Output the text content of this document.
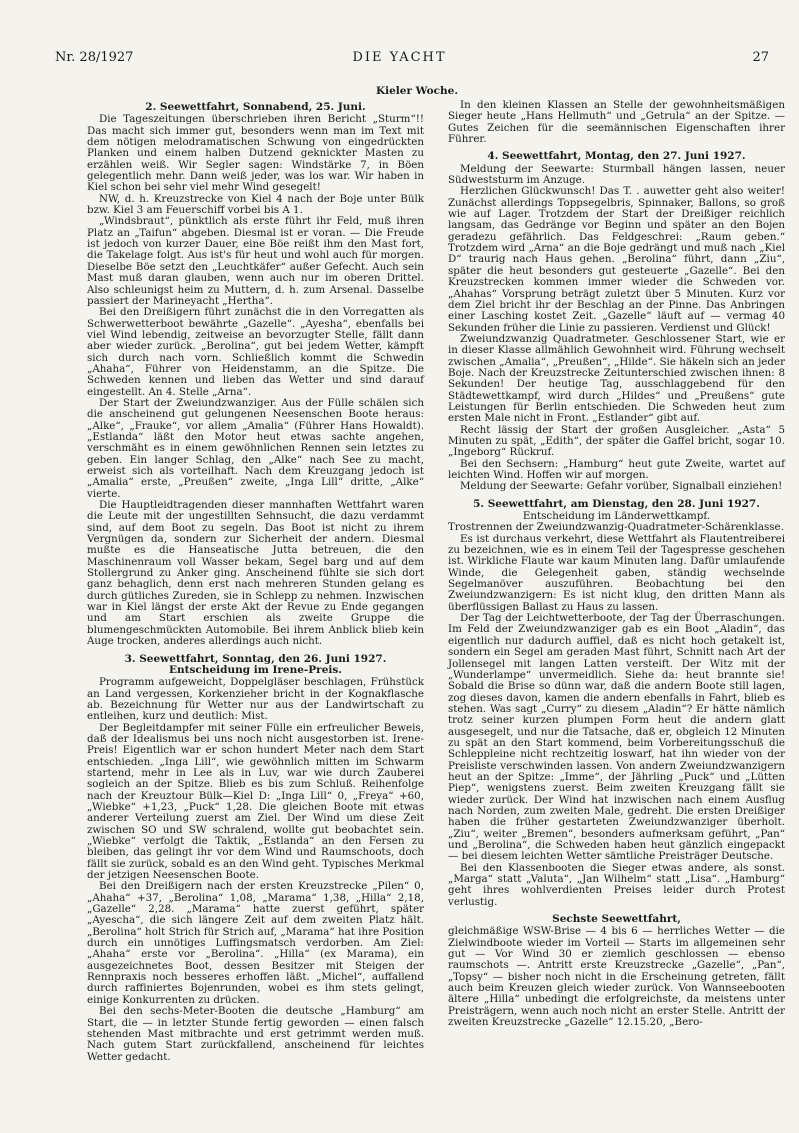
Nr. 28/1927	DIE YACHT	27
Kieler Woche.
2. Seewettfahrt, Sonnabend, 25. Juni.

Die Tageszeitungen überschrieben ihren Bericht „Sturm“!! Das macht sich immer gut, besonders wenn man im Text mit dem nötigen melodramatischen Schwung von eingedrückten Planken und einem halben Dutzend geknickter Masten zu erzählen weiß. Wir Segler sagen: Windstärke 7, in Böen gelegentlich mehr. Dann weiß jeder, was los war. Wir haben in Kiel schon bei sehr viel mehr Wind gesegelt!

NW, d. h. Kreuzstrecke von Kiel 4 nach der Boje unter Bülk bzw. Kiel 3 am Feuerschiff vorbei bis A 1.

„Windsbraut“, pünktlich als erste führt ihr Feld, muß ihren Platz an „Taifun“ abgeben. Diesmal ist er voran. — Die Freude ist jedoch von kurzer Dauer, eine Böe reißt ihm den Mast fort, die Takelage folgt. Aus ist's für heut und wohl auch für morgen. Dieselbe Böe setzt den „Leuchtkäfer“ außer Gefecht. Auch sein Mast muß daran glauben, wenn auch nur im oberen Drittel. Also schleunigst heim zu Muttern, d. h. zum Arsenal. Dasselbe passiert der Marineyacht „Hertha“.

Bei den Dreißigern führt zunächst die in den Vorregatten als Schwerwetterboot bewährte „Gazelle“. „Ayesha“, ebenfalls bei viel Wind lebendig, zeitweise an bevorzugter Stelle, fällt dann aber wieder zurück. „Berolina“, gut bei jedem Wetter, kämpft sich durch nach vorn. Schließlich kommt die Schwedin „Ahaha“, Führer von Heidenstamm, an die Spitze. Die Schweden kennen und lieben das Wetter und sind darauf eingestellt. An 4. Stelle „Arna“.

Der Start der Zweiundzwanziger. Aus der Fülle schälen sich die anscheinend gut gelungenen Neesenschen Boote heraus: „Alke“, „Frauke“, vor allem „Amalia“ (Führer Hans Howaldt). „Estlanda“ läßt den Motor heut etwas sachte angehen, verschmäht es in einem gewöhnlichen Rennen sein letztes zu geben. Ein langer Schlag, den „Alke“ nach See zu macht, erweist sich als vorteilhaft. Nach dem Kreuzgang jedoch ist „Amalia“ erste, „Preußen“ zweite, „Inga Lill“ dritte, „Alke“ vierte.

Die Hauptleidtragenden dieser mannhaften Wettfahrt waren die Leute mit der ungestillten Sehnsucht, die dazu verdammt sind, auf dem Boot zu segeln. Das Boot ist nicht zu ihrem Vergnügen da, sondern zur Sicherheit der andern. Diesmal mußte es die Hanseatische Jutta betreuen, die den Maschinenraum voll Wasser bekam, Segel barg und auf dem Stollergrund zu Anker ging. Anscheinend fühlte sie sich dort ganz behaglich, denn erst nach mehreren Stunden gelang es durch gütliches Zureden, sie in Schlepp zu nehmen. Inzwischen war in Kiel längst der erste Akt der Revue zu Ende gegangen und am Start erschien als zweite Gruppe die blumengeschmückten Automobile. Bei ihrem Anblick blieb kein Auge trocken, anderes allerdings auch nicht.

3. Seewettfahrt, Sonntag, den 26. Juni 1927. Entscheidung im Irene-Preis.

Programm aufgeweicht, Doppelgläser beschlagen, Frühstück an Land vergessen, Korkenzieher bricht in der Kognakflasche ab. Bezeichnung für Wetter nur aus der Landwirtschaft zu entleihen, kurz und deutlich: Mist.

Der Begleitdampfer mit seiner Fülle ein erfreulicher Beweis, daß der Idealismus bei uns noch nicht ausgestorben ist. Irene-Preis! Eigentlich war er schon hundert Meter nach dem Start entschieden. „Inga Lill“, wie gewöhnlich mitten im Schwarm startend, mehr in Lee als in Luv, war wie durch Zauberei sogleich an der Spitze. Blieb es bis zum Schluß. Reihenfolge nach der Kreuztour Bülk—Kiel D: „Inga Lill“ 0, „Freya“ +60, „Wiebke“ +1,23, „Puck“ 1,28. Die gleichen Boote mit etwas anderer Verteilung zuerst am Ziel. Der Wind um diese Zeit zwischen SO und SW schralend, wollte gut beobachtet sein. „Wiebke“ verfolgt die Taktik, „Estlanda“ an den Fersen zu bleiben, das gelingt ihr vor dem Wind und Raumschoots, doch fällt sie zurück, sobald es an den Wind geht. Typisches Merkmal der jetzigen Neesenschen Boote.

Bei den Dreißigern nach der ersten Kreuzstrecke „Pilen“ 0, „Ahaha“ +37, „Berolina“ 1,08, „Marama“ 1,38, „Hilla“ 2,18, „Gazelle“ 2,28. „Marama“ hatte zuerst geführt, später „Ayescha“, die sich längere Zeit auf dem zweiten Platz hält. „Berolina“ holt Strich für Strich auf, „Marama“ hat ihre Position durch ein unnötiges Luffingsmatsch verdorben. Am Ziel: „Ahaha“ erste vor „Berolina“. „Hilla“ (ex Marama), ein ausgezeichnetes Boot, dessen Besitzer mit Steigen der Rennpraxis noch besseres erhoffen läßt. „Michel“, auffallend durch raffiniertes Bojenrunden, wobei es ihm stets gelingt, einige Konkurrenten zu drücken.

Bei den sechs-Meter-Booten die deutsche „Hamburg“ am Start, die — in letzter Stunde fertig geworden — einen falsch stehenden Mast mitbrachte und erst getrimmt werden muß. Nach gutem Start zurückfallend, anscheinend für leichtes Wetter gedacht.

In den kleinen Klassen an Stelle der gewohnheitsmäßigen Sieger heute „Hans Hellmuth“ und „Getrula“ an der Spitze. — Gutes Zeichen für die seemännischen Eigenschaften ihrer Führer.

4. Seewettfahrt, Montag, den 27. Juni 1927.

Meldung der Seewarte: Sturmball hängen lassen, neuer Südweststurm im Anzuge.

Herzlichen Glückwunsch! Das T. . auwetter geht also weiter! Zunächst allerdings Toppsegelbris, Spinnaker, Ballons, so groß wie auf Lager. Trotzdem der Start der Dreißiger reichlich langsam, das Gedränge vor Beginn und später an den Bojen geradezu gefährlich. Das Feldgeschrei: „Raum geben.“ Trotzdem wird „Arna“ an die Boje gedrängt und muß nach „Kiel D“ traurig nach Haus gehen. „Berolina“ führt, dann „Ziu“, später die heut besonders gut gesteuerte „Gazelle“. Bei den Kreuzstrecken kommen immer wieder die Schweden vor. „Ahahas“ Vorsprung beträgt zuletzt über 5 Minuten. Kurz vor dem Ziel bricht ihr der Beschlag an der Pinne. Das Anbringen einer Lasching kostet Zeit. „Gazelle“ läuft auf — vermag 40 Sekunden früher die Linie zu passieren. Verdienst und Glück!

Zweiundzwanzig Quadratmeter. Geschlossener Start, wie er in dieser Klasse allmählich Gewohnheit wird. Führung wechselt zwischen „Amalia“, „Preußen“, „Hilde“. Sie häkeln sich an jeder Boje. Nach der Kreuzstrecke Zeitunterschied zwischen ihnen: 8 Sekunden! Der heutige Tag, ausschlaggebend für den Städtewettkampf, wird durch „Hildes“ und „Preußens“ gute Leistungen für Berlin entschieden. Die Schweden heut zum ersten Male nicht in Front. „Estlander“ gibt auf.

Recht lässig der Start der großen Ausgleicher. „Asta“ 5 Minuten zu spät, „Edith“, der später die Gaffel bricht, sogar 10. „Ingeborg“ Rückruf.

Bei den Sechsern: „Hamburg“ heut gute Zweite, wartet auf leichten Wind. Hoffen wir auf morgen.

Meldung der Seewarte: Gefahr vorüber, Signalball einziehen!

5. Seewettfahrt, am Dienstag, den 28. Juni 1927.

Entscheidung im Länderwettkampf.

Trostrennen der Zweiundzwanzig-Quadratmeter-Schärenklasse.

Es ist durchaus verkehrt, diese Wettfahrt als Flautentreiberei zu bezeichnen, wie es in einem Teil der Tagespresse geschehen ist. Wirkliche Flaute war kaum Minuten lang. Dafür umlaufende Winde, die Gelegenheit gaben, ständig wechselnde Segelmanöver auszuführen. Beobachtung bei den Zweiundzwanzigern: Es ist nicht klug, den dritten Mann als überflüssigen Ballast zu Haus zu lassen.

Der Tag der Leichtwetterboote, der Tag der Überraschungen. Im Feld der Zweiundzwanziger gab es ein Boot „Aladin“, das eigentlich nur dadurch auffiel, daß es nicht hoch getakelt ist, sondern ein Segel am geraden Mast führt, Schnitt nach Art der Jollensegel mit langen Latten versteift. Der Witz mit der „Wunderlampe“ unvermeidlich. Siehe da: heut brannte sie! Sobald die Brise so dünn war, daß die andern Boote still lagen, zog dieses davon, kamen die andern ebenfalls in Fahrt, blieb es stehen. Was sagt „Curry“ zu diesem „Aladin“? Er hätte nämlich trotz seiner kurzen plumpen Form heut die andern glatt ausgesegelt, und nur die Tatsache, daß er, obgleich 12 Minuten zu spät an den Start kommend, beim Vorbereitungsschuß die Schleppleine nicht rechtzeitig loswarf, hat ihn wieder von der Preisliste verschwinden lassen. Von andern Zweiundzwanzigern heut an der Spitze: „Imme“, der Jährling „Puck“ und „Lütten Piep“, wenigstens zuerst. Beim zweiten Kreuzgang fällt sie wieder zurück. Der Wind hat inzwischen nach einem Ausflug nach Norden, zum zweiten Male, gedreht. Die ersten Dreißiger haben die früher gestarteten Zweiundzwanziger überholt. „Ziu“, weiter „Bremen“, besonders aufmerksam geführt, „Pan“ und „Berolina“, die Schweden haben heut gänzlich eingepackt — bei diesem leichten Wetter sämtliche Preisträger Deutsche.

Bei den Klassenbooten die Sieger etwas andere, als sonst. „Marga“ statt „Valuta“, „Jan Wilhelm“ statt „Lisa“. „Hamburg“ geht ihres wohlverdienten Preises leider durch Protest verlustig.

Sechste Seewettfahrt,

gleichmäßige WSW-Brise — 4 bis 6 — herrliches Wetter — die Zielwindboote wieder im Vorteil — Starts im allgemeinen sehr gut — Vor Wind 30 er ziemlich geschlossen — ebenso raumschots —. Antritt erste Kreuzstrecke „Gazelle“, „Pan“, „Topsy“ — bisher noch nicht in die Erscheinung getreten, fällt auch beim Kreuzen gleich wieder zurück. Von Wannseebooten ältere „Hilla“ unbedingt die erfolgreichste, da meistens unter Preisträgern, wenn auch noch nicht an erster Stelle. Antritt der zweiten Kreuzstrecke „Gazelle“ 12.15.20, „Bero-
